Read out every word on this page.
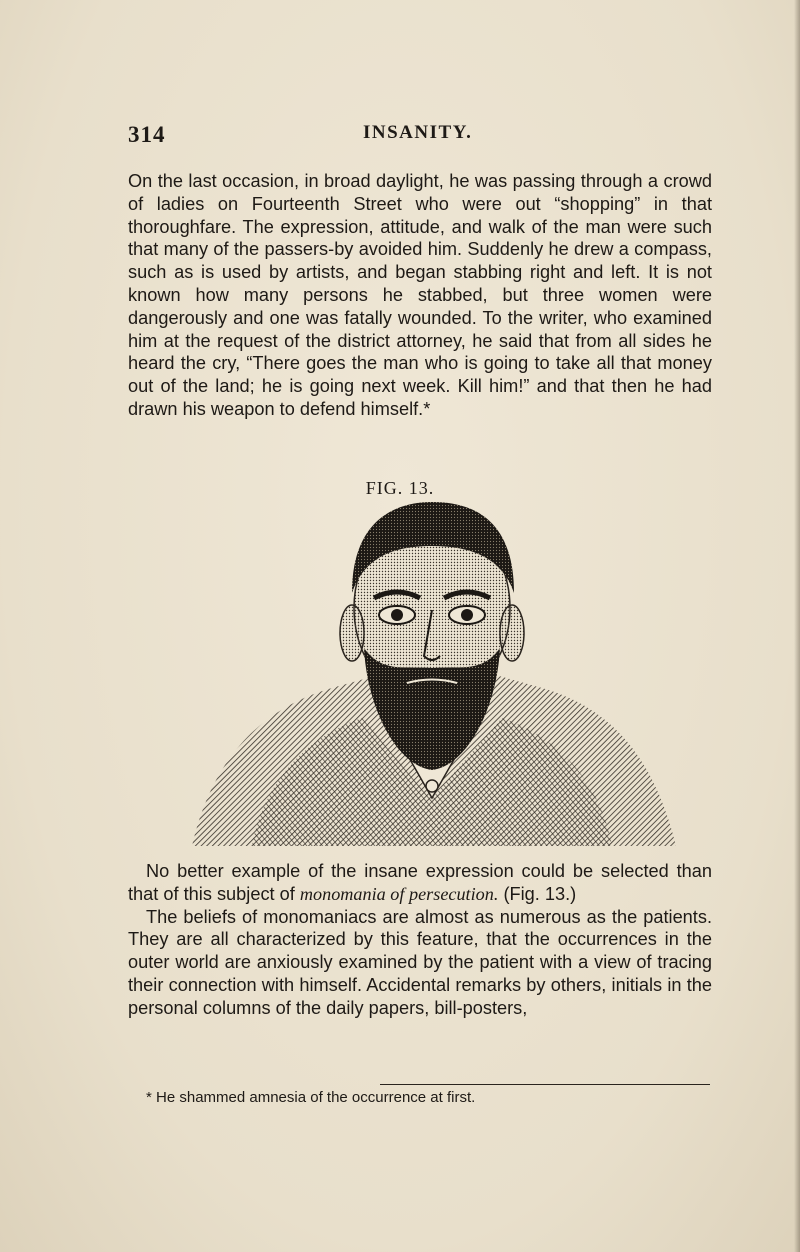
314	INSANITY.

On the last occasion, in broad daylight, he was passing through a crowd of ladies on Fourteenth Street who were out “shopping” in that thoroughfare. The expression, attitude, and walk of the man were such that many of the passers-by avoided him. Suddenly he drew a compass, such as is used by artists, and began stabbing right and left. It is not known how many persons he stabbed, but three women were dangerously and one was fatally wounded. To the writer, who examined him at the request of the district attorney, he said that from all sides he heard the cry, “There goes the man who is going to take all that money out of the land; he is going next week. Kill him!” and that then he had drawn his weapon to defend himself.*

FIG. 13.

No better example of the insane expression could be selected than that of this subject of monomania of persecution. (Fig. 13.)
The beliefs of monomaniacs are almost as numerous as the patients. They are all characterized by this feature, that the occurrences in the outer world are anxiously examined by the patient with a view of tracing their connection with himself. Accidental remarks by others, initials in the personal columns of the daily papers, bill-posters,

* He shammed amnesia of the occurrence at first.
